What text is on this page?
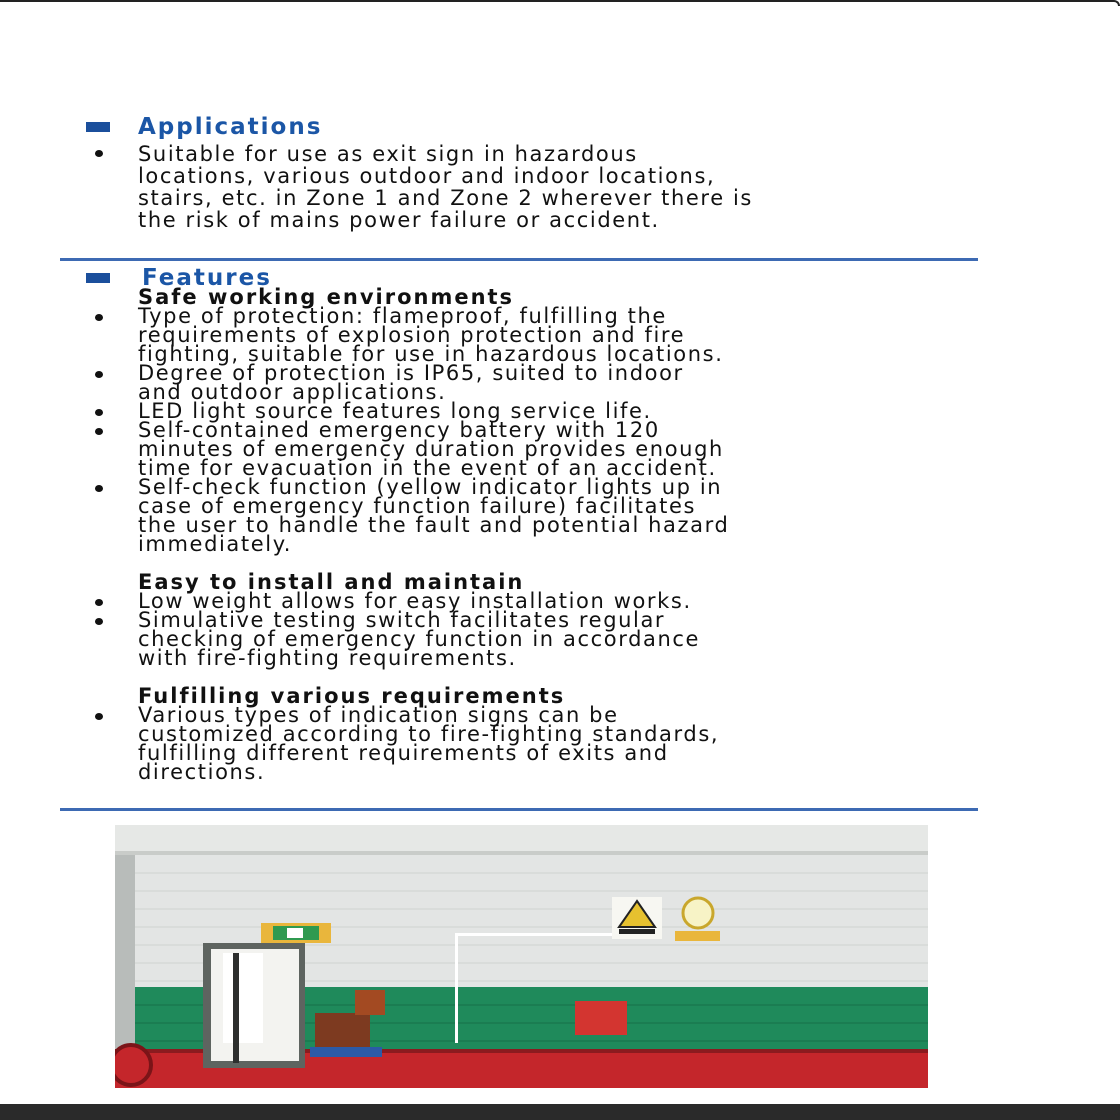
Applications
Suitable for use as exit sign in hazardous
locations, various outdoor and indoor locations,
stairs, etc. in Zone 1 and Zone 2 wherever there is
the risk of mains power failure or accident.
Features
Safe working environments
Type of protection: flameproof, fulfilling the
requirements of explosion protection and fire
fighting, suitable for use in hazardous locations.
Degree of protection is IP65, suited to indoor
and outdoor applications.
LED light source features long service life.
Self-contained emergency battery with 120
minutes of emergency duration provides enough
time for evacuation in the event of an accident.
Self-check function (yellow indicator lights up in
case of emergency function failure) facilitates
the user to handle the fault and potential hazard
immediately.
Easy to install and maintain
Low weight allows for easy installation works.
Simulative testing switch facilitates regular
checking of emergency function in accordance
with fire-fighting requirements.
Fulfilling various requirements
Various types of indication signs can be
customized according to fire-fighting standards,
fulfilling different requirements of exits and
directions.
